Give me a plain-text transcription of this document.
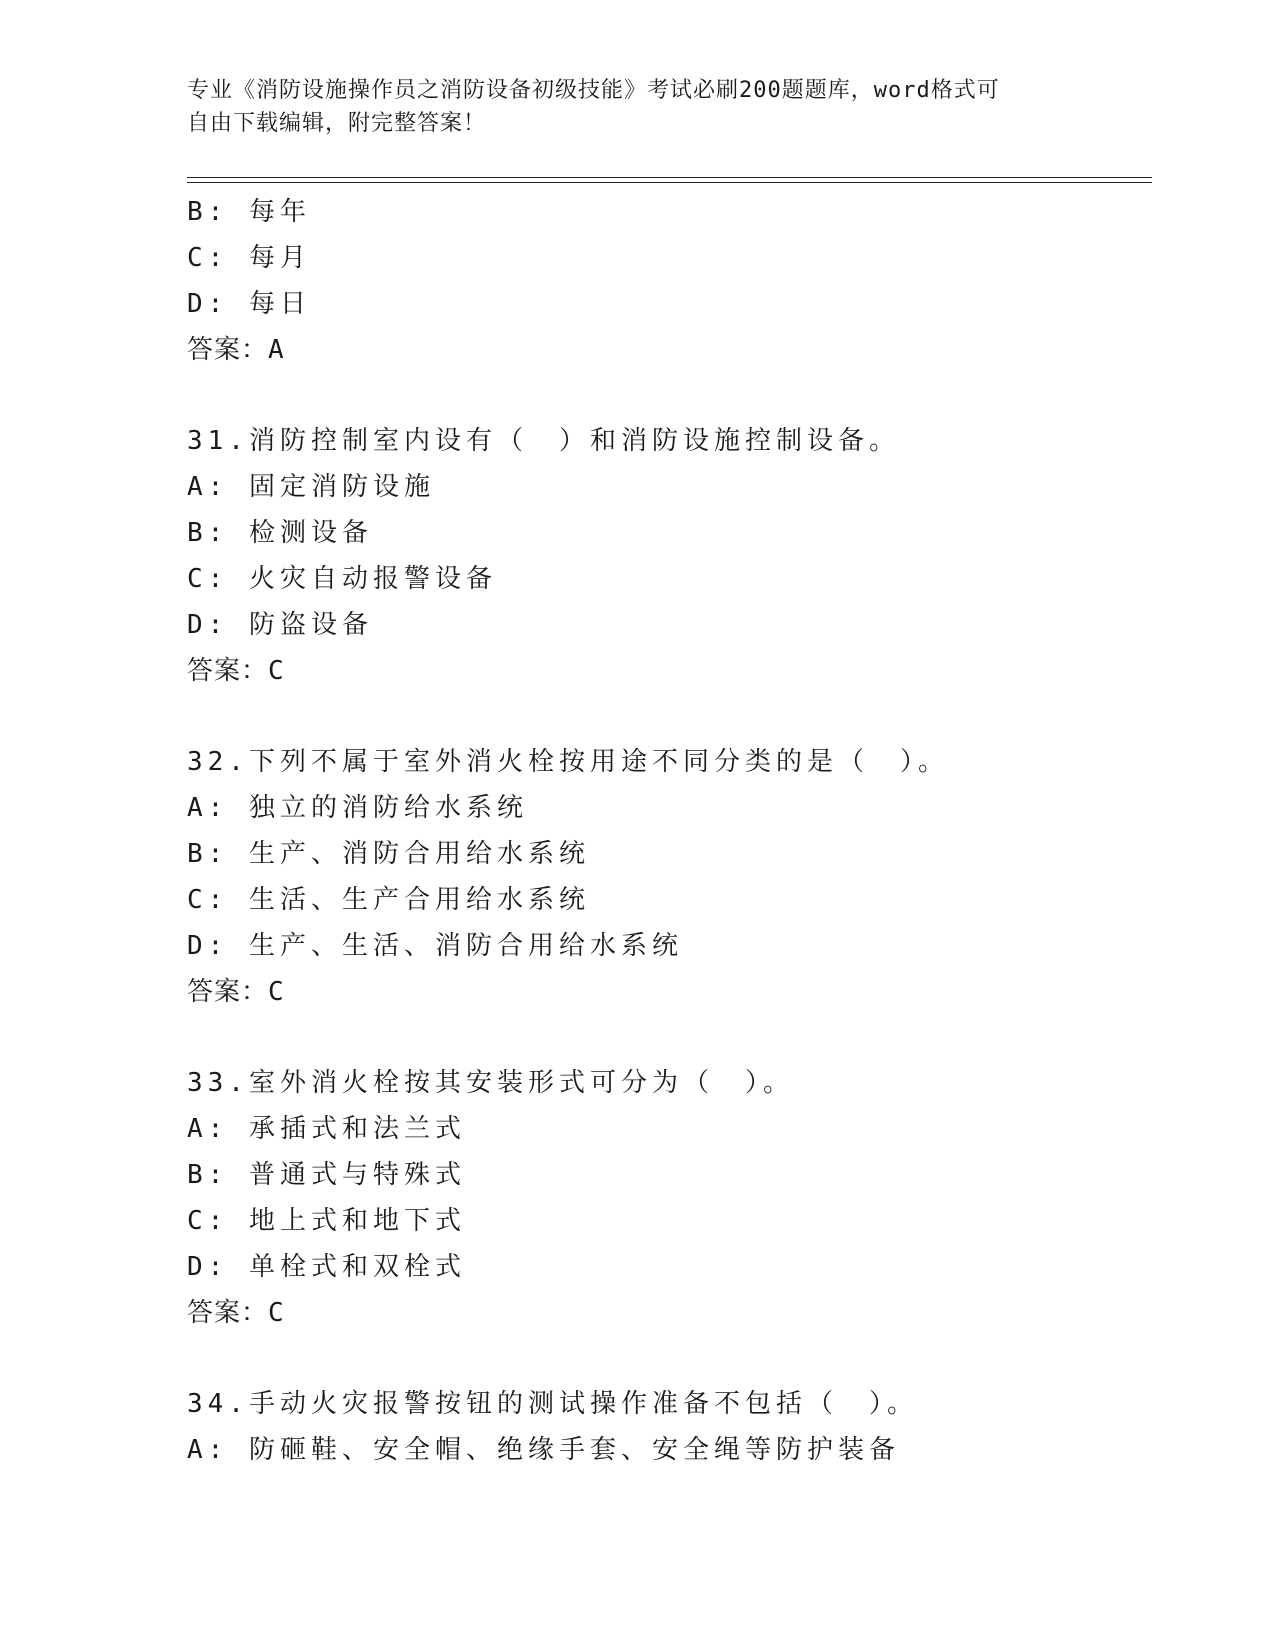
专业《消防设施操作员之消防设备初级技能》考试必刷200题题库，word格式可
自由下载编辑，附完整答案！
B: 每年
C: 每月
D: 每日
答案：A
31.消防控制室内设有（　）和消防设施控制设备。
A: 固定消防设施
B: 检测设备
C: 火灾自动报警设备
D: 防盗设备
答案：C
32.下列不属于室外消火栓按用途不同分类的是（　）。
A: 独立的消防给水系统
B: 生产、消防合用给水系统
C: 生活、生产合用给水系统
D: 生产、生活、消防合用给水系统
答案：C
33.室外消火栓按其安装形式可分为（　）。
A: 承插式和法兰式
B: 普通式与特殊式
C: 地上式和地下式
D: 单栓式和双栓式
答案：C
34.手动火灾报警按钮的测试操作准备不包括（　）。
A: 防砸鞋、安全帽、绝缘手套、安全绳等防护装备
